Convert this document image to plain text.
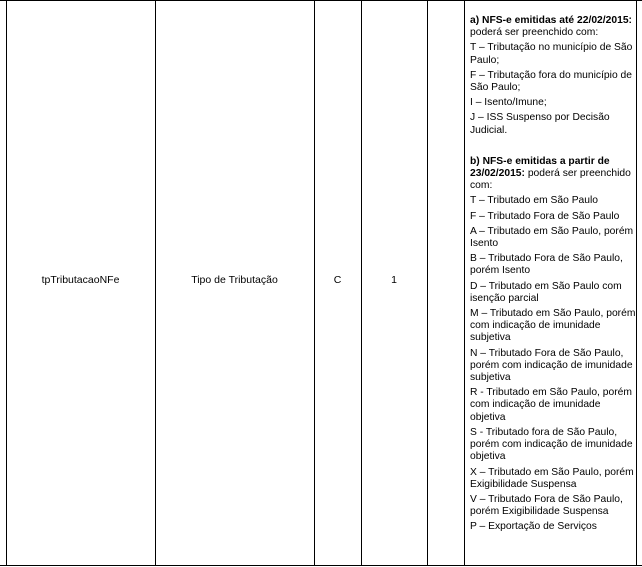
tpTributacaoNFe	Tipo de Tributação	C	1

a) NFS-e emitidas até 22/02/2015: poderá ser preenchido com:

T – Tributação no município de São Paulo;

F – Tributação fora do município de São Paulo;

I – Isento/Imune;

J – ISS Suspenso por Decisão Judicial.

b) NFS-e emitidas a partir de 23/02/2015: poderá ser preenchido com:

T – Tributado em São Paulo

F – Tributado Fora de São Paulo

A – Tributado em São Paulo, porém Isento

B – Tributado Fora de São Paulo, porém Isento

D – Tributado em São Paulo com isenção parcial

M – Tributado em São Paulo, porém com indicação de imunidade subjetiva

N – Tributado Fora de São Paulo, porém com indicação de imunidade subjetiva

R - Tributado em São Paulo, porém com indicação de imunidade objetiva

S - Tributado fora de São Paulo, porém com indicação de imunidade objetiva

X – Tributado em São Paulo, porém Exigibilidade Suspensa

V – Tributado Fora de São Paulo, porém Exigibilidade Suspensa

P – Exportação de Serviços
